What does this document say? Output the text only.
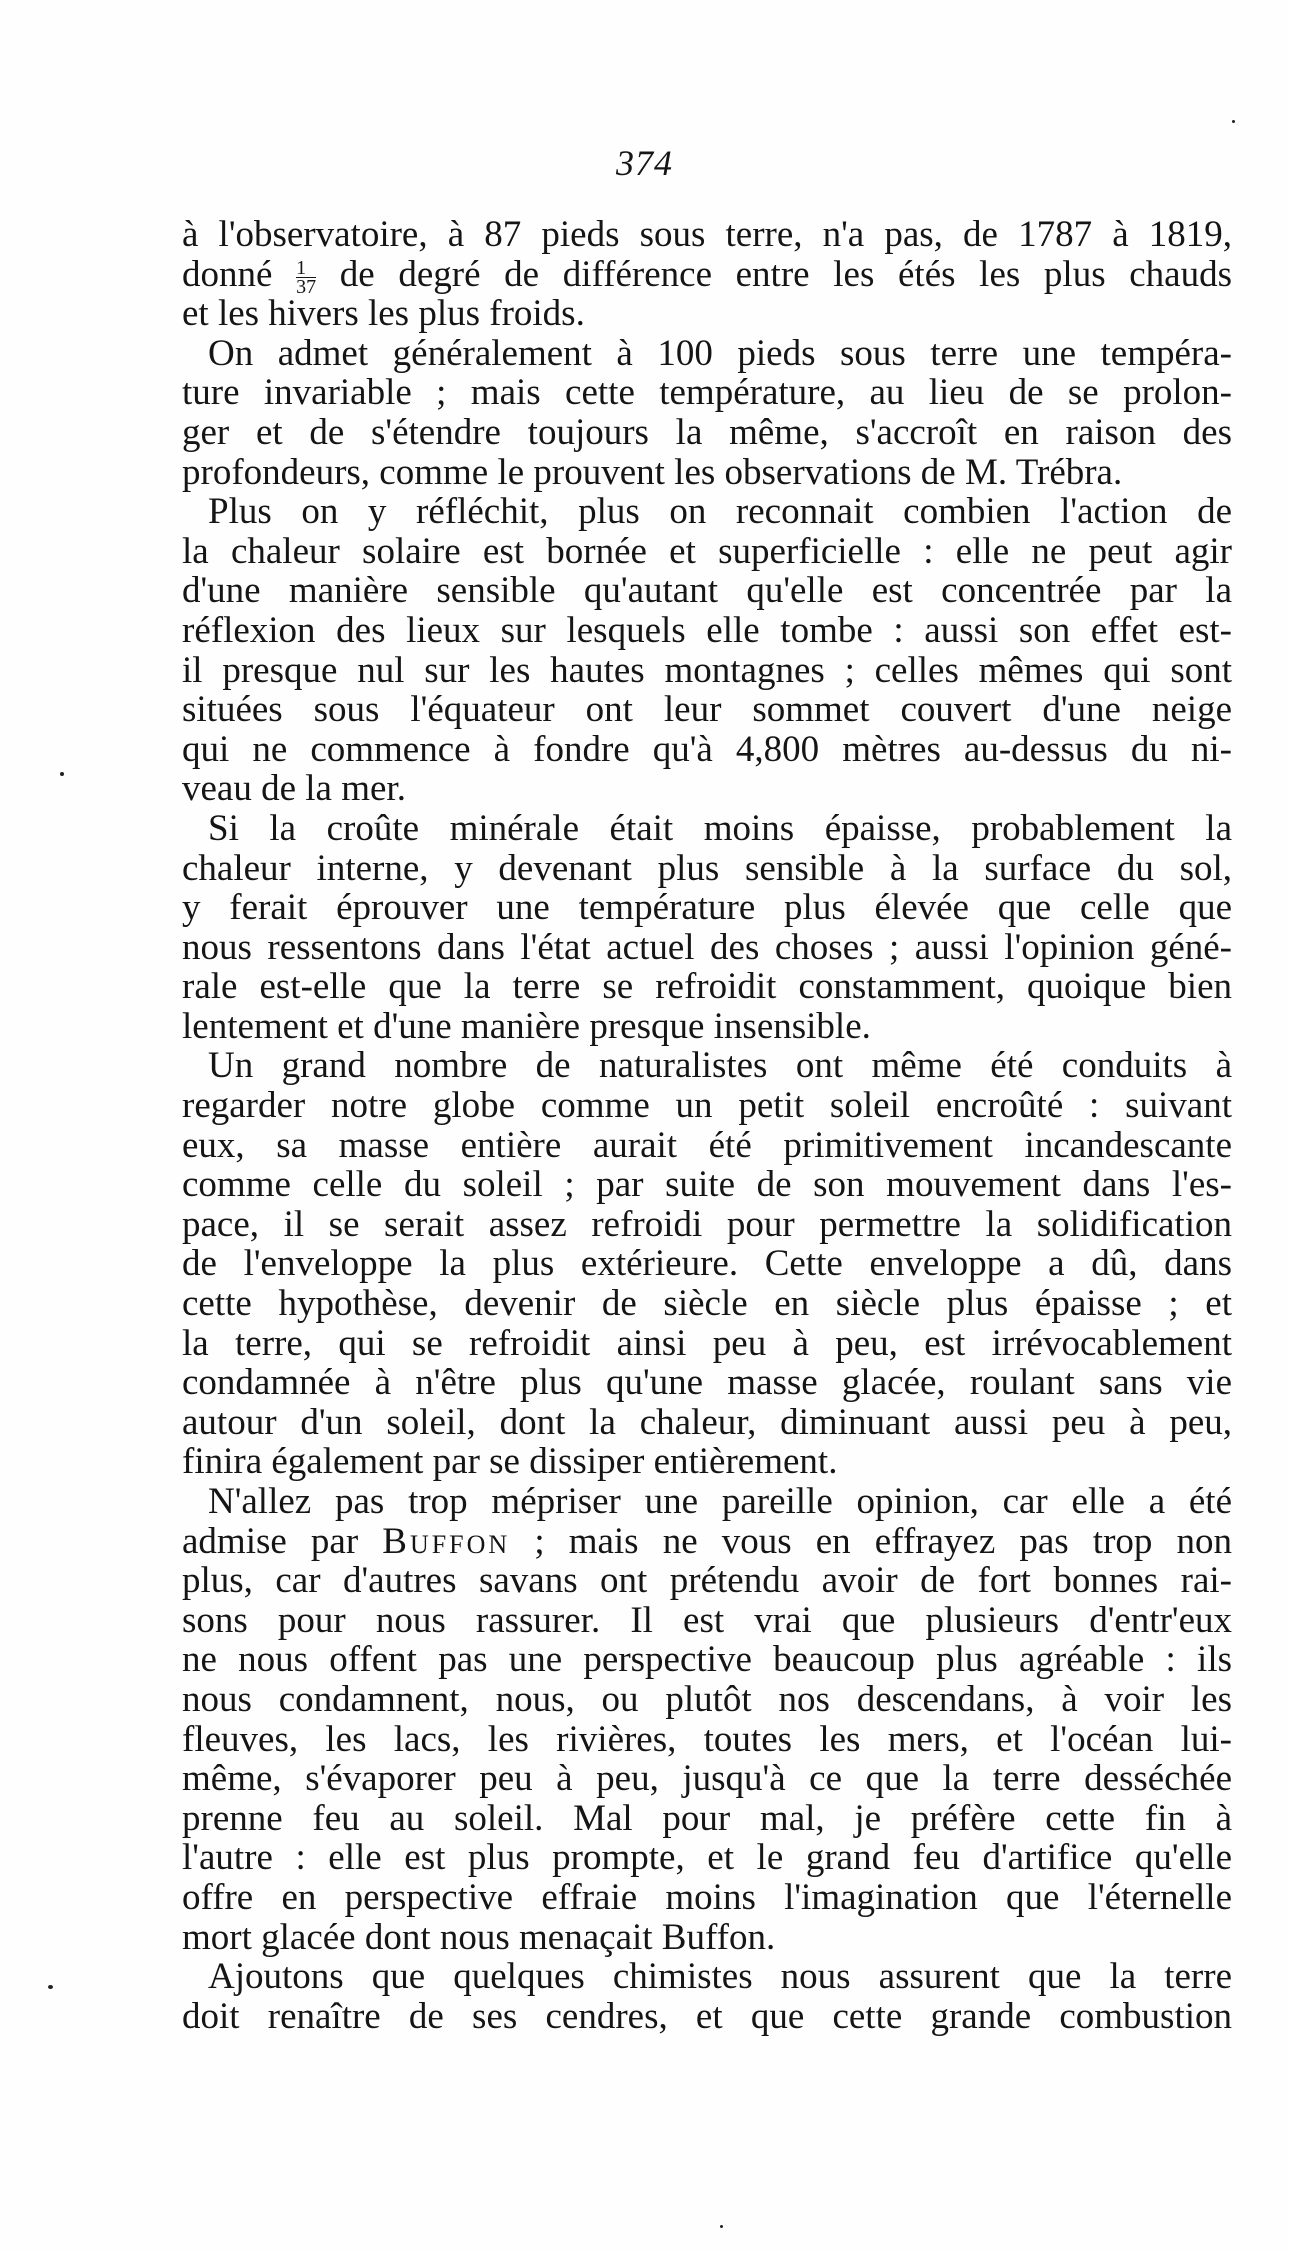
374
à l'observatoire, à 87 pieds sous terre, n'a pas, de 1787 à 1819,
donné $\frac{1}{37}$ de degré de différence entre les étés les plus chauds
et les hivers les plus froids.
On admet généralement à 100 pieds sous terre une tempéra-
ture invariable ; mais cette température, au lieu de se prolon-
ger et de s'étendre toujours la même, s'accroît en raison des
profondeurs, comme le prouvent les observations de M. Trébra.
Plus on y réfléchit, plus on reconnait combien l'action de
la chaleur solaire est bornée et superficielle : elle ne peut agir
d'une manière sensible qu'autant qu'elle est concentrée par la
réflexion des lieux sur lesquels elle tombe : aussi son effet est-
il presque nul sur les hautes montagnes ; celles mêmes qui sont
situées sous l'équateur ont leur sommet couvert d'une neige
qui ne commence à fondre qu'à 4,800 mètres au-dessus du ni-
veau de la mer.
Si la croûte minérale était moins épaisse, probablement la
chaleur interne, y devenant plus sensible à la surface du sol,
y ferait éprouver une température plus élevée que celle que
nous ressentons dans l'état actuel des choses ; aussi l'opinion géné-
rale est-elle que la terre se refroidit constamment, quoique bien
lentement et d'une manière presque insensible.
Un grand nombre de naturalistes ont même été conduits à
regarder notre globe comme un petit soleil encroûté : suivant
eux, sa masse entière aurait été primitivement incandescante
comme celle du soleil ; par suite de son mouvement dans l'es-
pace, il se serait assez refroidi pour permettre la solidification
de l'enveloppe la plus extérieure. Cette enveloppe a dû, dans
cette hypothèse, devenir de siècle en siècle plus épaisse ; et
la terre, qui se refroidit ainsi peu à peu, est irrévocablement
condamnée à n'être plus qu'une masse glacée, roulant sans vie
autour d'un soleil, dont la chaleur, diminuant aussi peu à peu,
finira également par se dissiper entièrement.
N'allez pas trop mépriser une pareille opinion, car elle a été
admise par Buffon ; mais ne vous en effrayez pas trop non
plus, car d'autres savans ont prétendu avoir de fort bonnes rai-
sons pour nous rassurer. Il est vrai que plusieurs d'entr'eux
ne nous offent pas une perspective beaucoup plus agréable : ils
nous condamnent, nous, ou plutôt nos descendans, à voir les
fleuves, les lacs, les rivières, toutes les mers, et l'océan lui-
même, s'évaporer peu à peu, jusqu'à ce que la terre desséchée
prenne feu au soleil. Mal pour mal, je préfère cette fin à
l'autre : elle est plus prompte, et le grand feu d'artifice qu'elle
offre en perspective effraie moins l'imagination que l'éternelle
mort glacée dont nous menaçait Buffon.
Ajoutons que quelques chimistes nous assurent que la terre
doit renaître de ses cendres, et que cette grande combustion
